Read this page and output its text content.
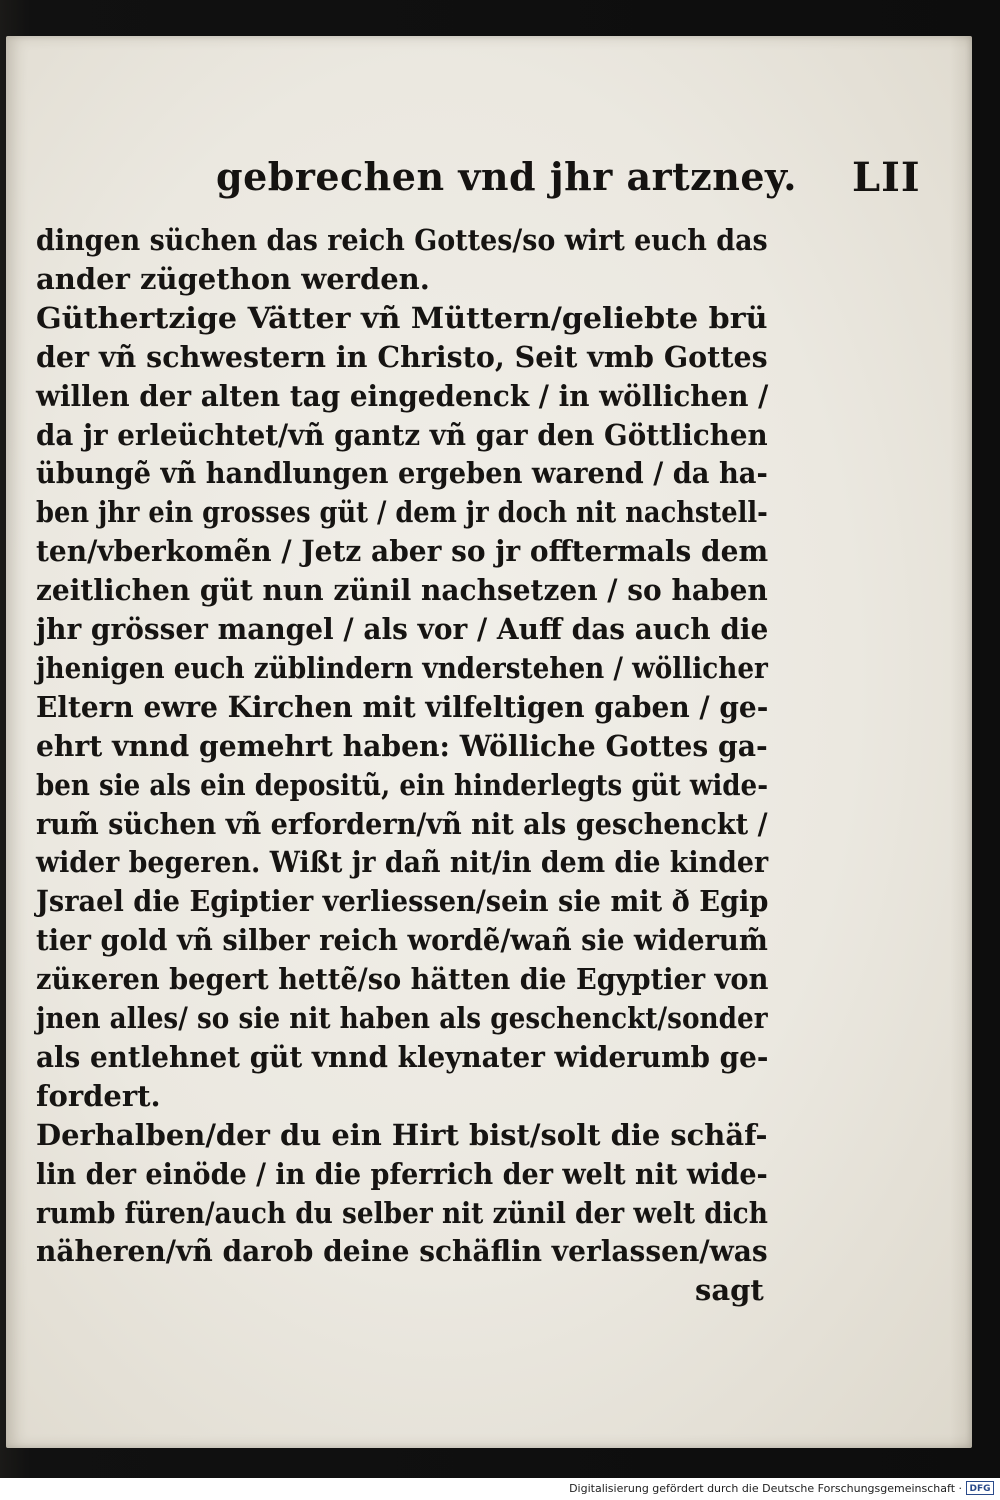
gebrechen vnd jhr artzney. LII
dingen süchen das reich Gottes/so wirt euch das
ander zügethon werden.
Güthertzige Vätter vñ Müttern/geliebte brü
der vñ schwestern in Christo, Seit vmb Gottes
willen der alten tag eingedenck / in wöllichen /
da jr erleüchtet/vñ gantz vñ gar den Göttlichen
übungẽ vñ handlungen ergeben warend / da ha-
ben jhr ein grosses güt / dem jr doch nit nachstell-
ten/vberkomẽn / Jetz aber so jr offtermals dem
zeitlichen güt nun zünil nachsetzen / so haben
jhr grösser mangel / als vor / Auff das auch die
jhenigen euch züblindern vnderstehen / wöllicher
Eltern ewre Kirchen mit vilfeltigen gaben / ge-
ehrt vnnd gemehrt haben: Wölliche Gottes ga-
ben sie als ein depositũ, ein hinderlegts güt wide-
rum̃ süchen vñ erfordern/vñ nit als geschenckt /
wider begeren. Wißt jr dañ nit/in dem die kinder
Jsrael die Egiptier verliessen/sein sie mit ð Egip
tier gold vñ silber reich wordẽ/wañ sie widerum̃
züкeren begert hettẽ/so hätten die Egyptier von
jnen alles/ so sie nit haben als geschenckt/sonder
als entlehnet güt vnnd kleynater widerumb ge-
fordert.
Derhalben/der du ein Hirt bist/solt die schäf-
lin der einöde / in die pferrich der welt nit wide-
rumb füren/auch du selber nit zünil der welt dich
näheren/vñ darob deine schäflin verlassen/was
sagt
Digitalisierung gefördert durch die Deutsche Forschungsgemeinschaft · DFG
